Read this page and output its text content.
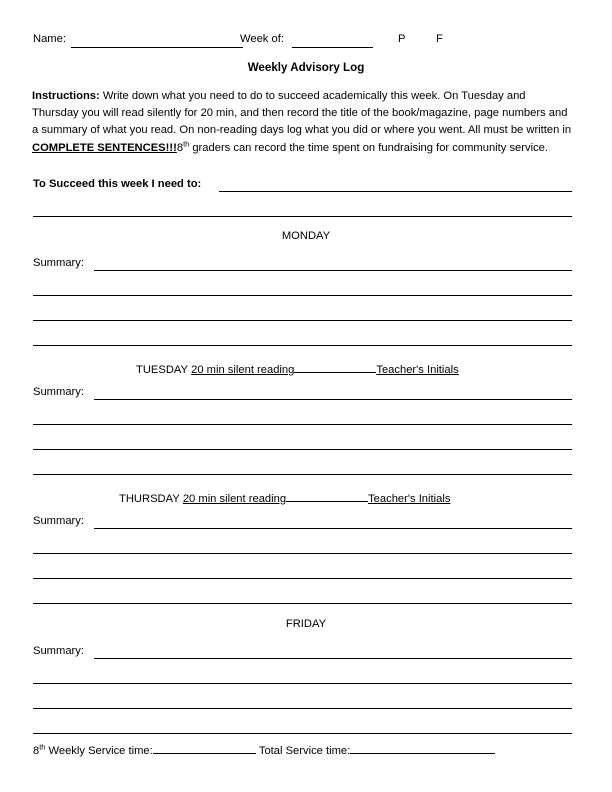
Name:	Week of:	P	F
Weekly Advisory Log
Instructions: Write down what you need to do to succeed academically this week. On Tuesday and Thursday you will read silently for 20 min, and then record the title of the book/magazine, page numbers and a summary of what you read. On non-reading days log what you did or where you went. All must be written in COMPLETE SENTENCES!!!8th graders can record the time spent on fundraising for community service.
To Succeed this week I need to:
MONDAY
Summary:
TUESDAY 20 min silent reading	Teacher's Initials
Summary:
THURSDAY 20 min silent reading	Teacher's Initials
Summary:
FRIDAY
Summary:
8th Weekly Service time:	Total Service time:
